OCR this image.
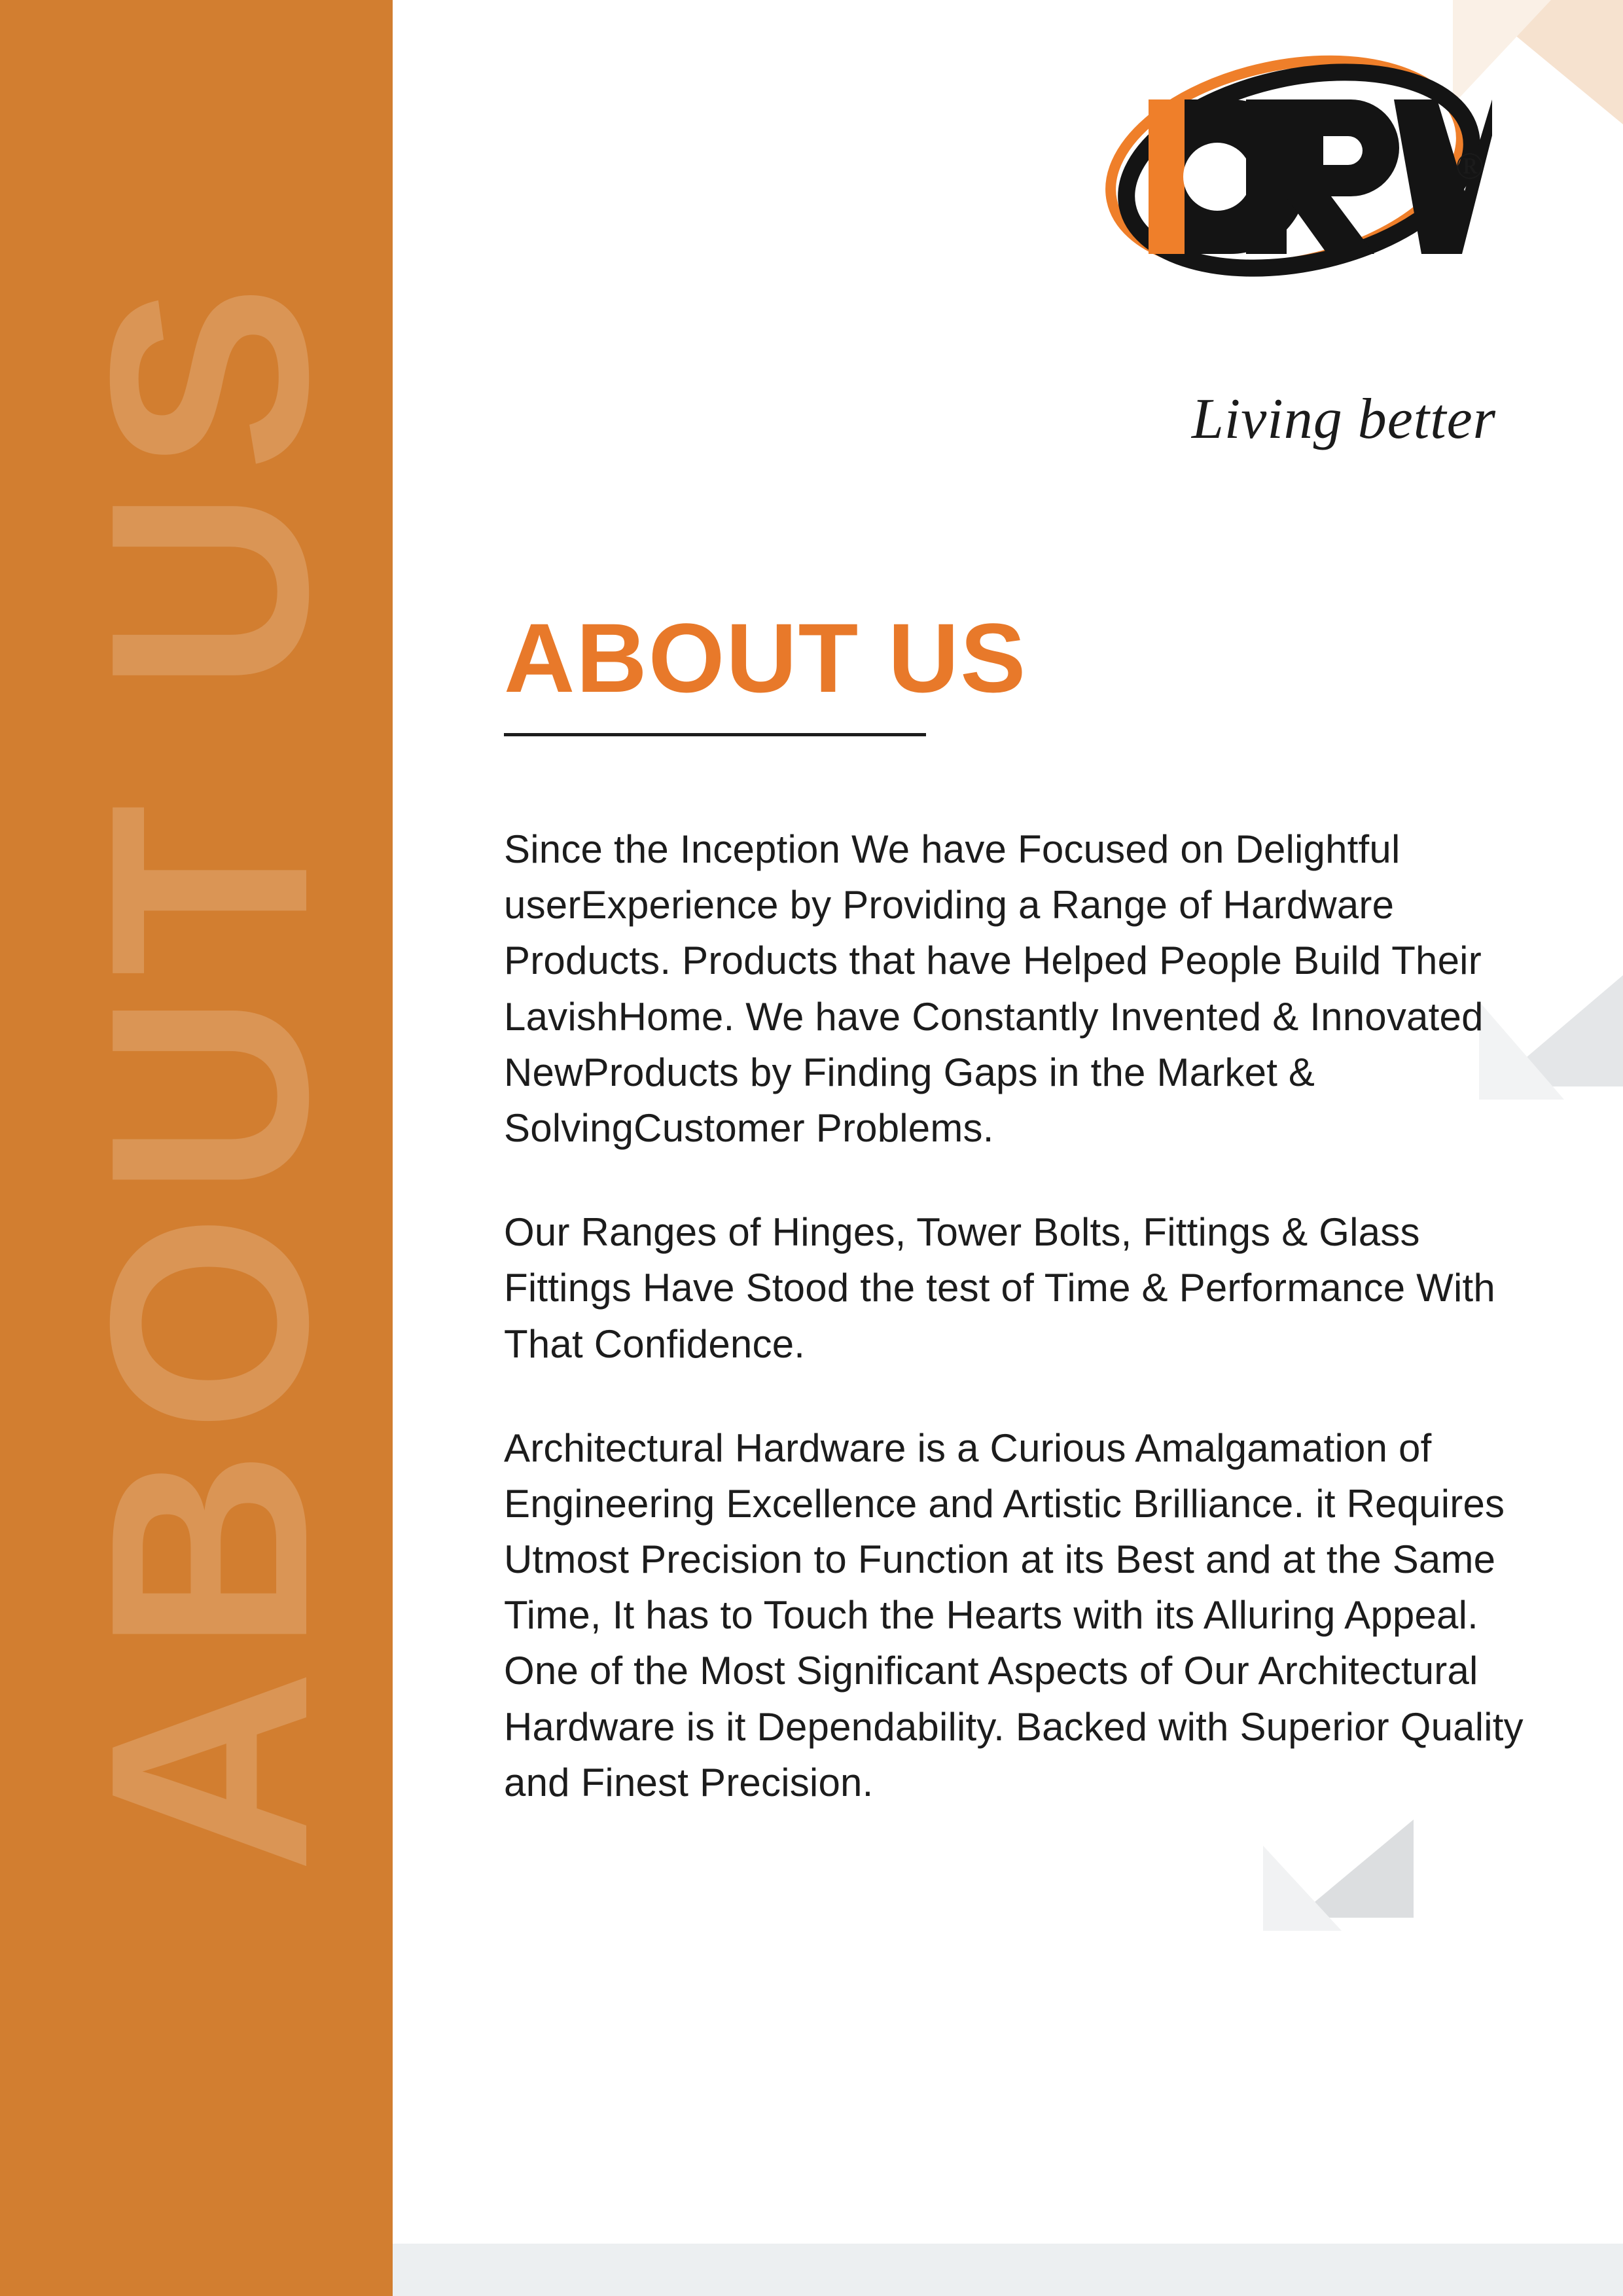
ABOUT US
®
Living better
ABOUT US

Since the Inception We have Focused on Delightful userExperience by Providing a Range of Hardware Products. Products that have Helped People Build Their LavishHome. We have Constantly Invented & Innovated NewProducts by Finding Gaps in the Market & SolvingCustomer Problems.

Our Ranges of Hinges, Tower Bolts, Fittings & Glass Fittings Have Stood the test of Time & Performance With That Confidence.

Architectural Hardware is a Curious Amalgamation of Engineering Excellence and Artistic Brilliance. it Requires Utmost Precision to Function at its Best and at the Same Time, It has to Touch the Hearts with its Alluring Appeal. One of the Most Significant Aspects of Our Architectural Hardware is it Dependability. Backed with Superior Quality and Finest Precision.
